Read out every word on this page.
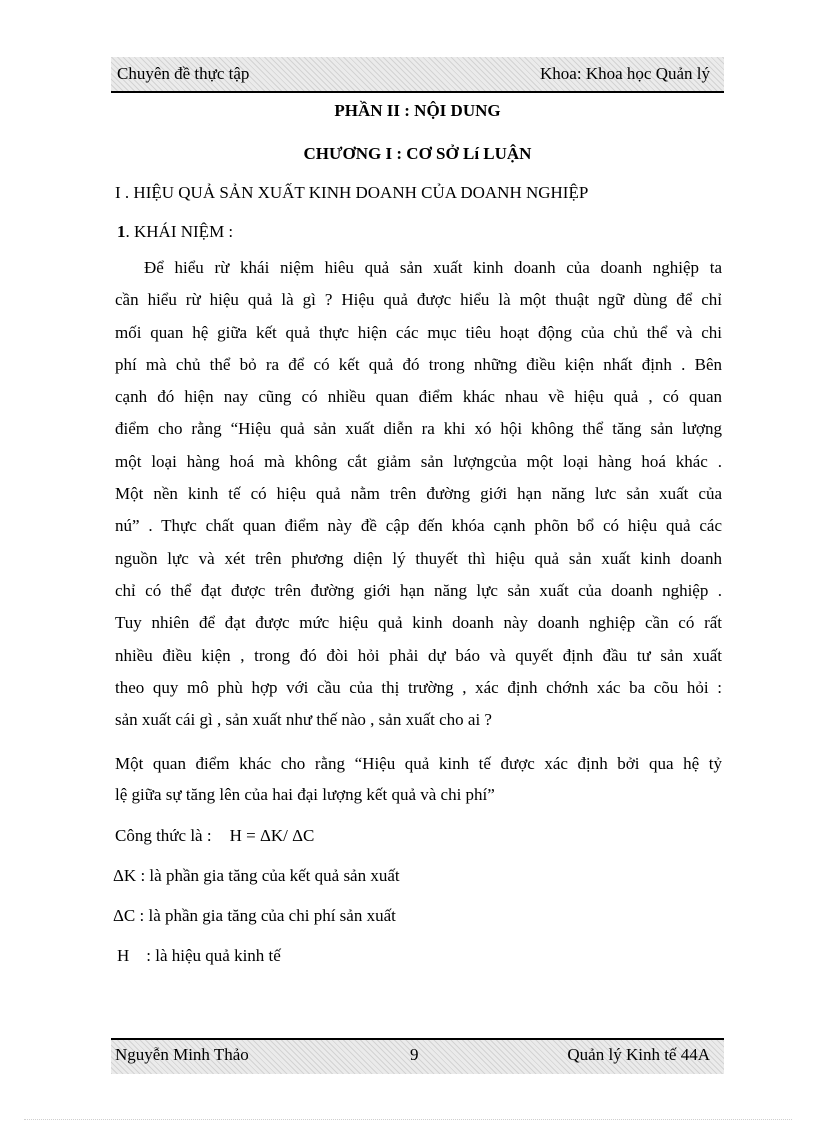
Chuyên đề thực tập	Khoa: Khoa học Quản lý
PHẦN II : NỘI DUNG
CHƯƠNG I : CƠ SỞ Lí LUẬN
I . HIỆU QUẢ SẢN XUẤT KINH DOANH CỦA DOANH NGHIỆP
1. KHÁI NIỆM :
Để hiểu rừ khái niệm hiêu quả sản xuất kinh doanh của doanh nghiệp ta
cần hiểu rừ hiệu quả là gì ? Hiệu quả được hiểu là một thuật ngữ dùng để chỉ
mối quan hệ giữa kết quả thực hiện các mục tiêu hoạt động của chủ thể và chi
phí mà chủ thể bỏ ra để có kết quả đó trong những điều kiện nhất định . Bên
cạnh đó hiện nay cũng có nhiều quan điểm khác nhau về hiệu quả , có quan
điểm cho rằng “Hiệu quả sản xuất diễn ra khi xó hội không thể tăng sản lượng
một loại hàng hoá mà không cắt giảm sản lượngcủa một loại hàng hoá khác .
Một nền kinh tế có hiệu quả nằm trên đường giới hạn năng lưc sản xuất của
nú” . Thực chất quan điểm này đề cập đến khóa cạnh phõn bổ có hiệu quả các
nguồn lực và xét trên phương diện lý thuyết thì hiệu quả sản xuất kinh doanh
chỉ có thể đạt được trên đường giới hạn năng lực sản xuất của doanh nghiệp .
Tuy nhiên để đạt được mức hiệu quả kinh doanh này doanh nghiệp cần có rất
nhiều điều kiện , trong đó đòi hỏi phải dự báo và quyết định đầu tư sản xuất
theo quy mô phù hợp với cầu của thị trường , xác định chớnh xác ba cõu hỏi :
sản xuất cái gì , sản xuất như thế nào , sản xuất cho ai ?
Một quan điểm khác cho rằng “Hiệu quả kinh tế được xác định bởi qua hệ tỷ
lệ giữa sự tăng lên của hai đại lượng kết quả và chi phí”
Công thức là : H = ΔK/ ΔC
ΔK : là phần gia tăng của kết quả sản xuất
ΔC : là phần gia tăng của chi phí sản xuất
H    : là hiệu quả kinh tế
Nguyễn Minh Thảo	9	Quản lý Kinh tế 44A
